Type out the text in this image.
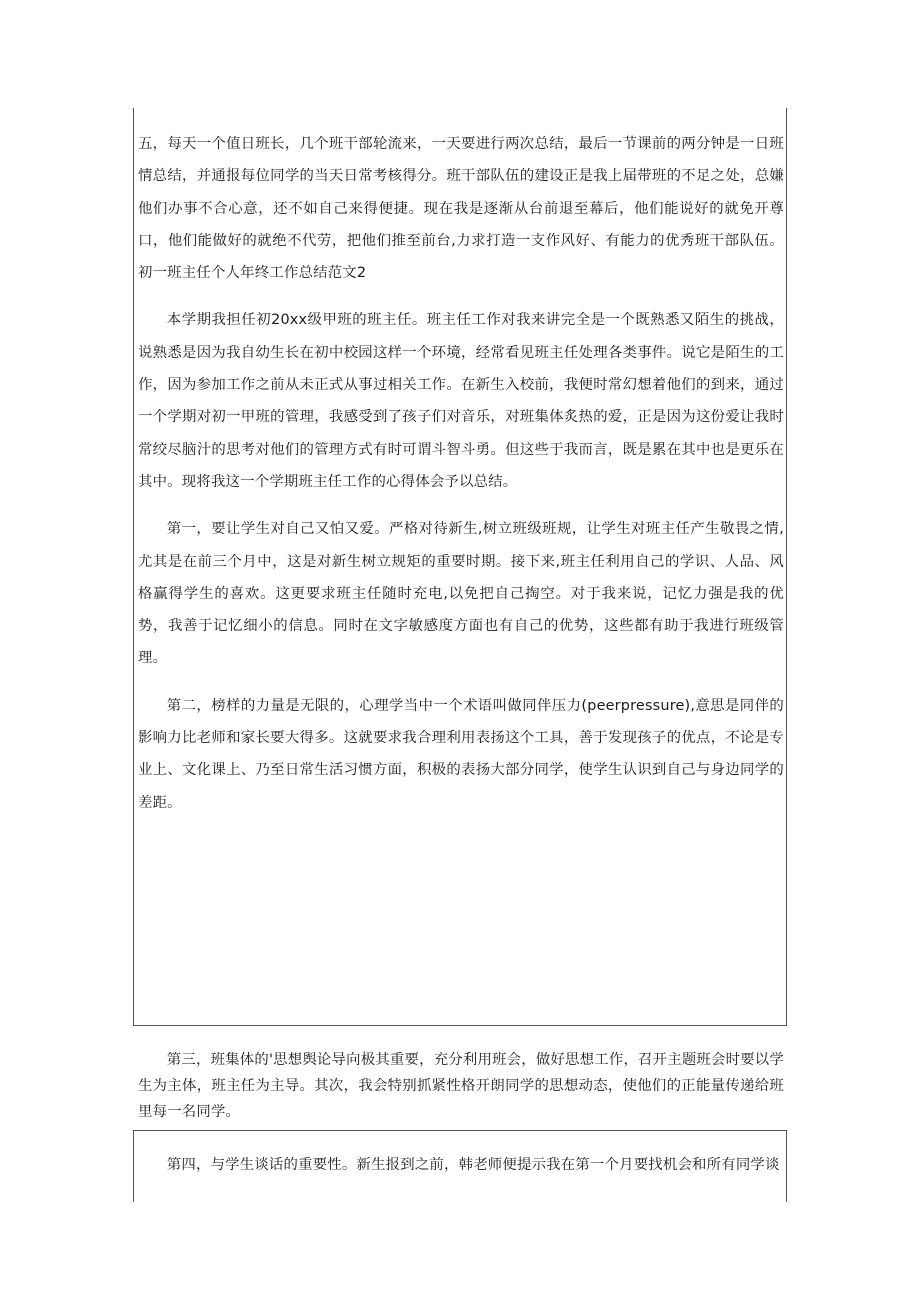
五，每天一个值日班长，几个班干部轮流来，一天要进行两次总结，最后一节课前的两分钟是一日班情总结，并通报每位同学的当天日常考核得分。班干部队伍的建设正是我上届带班的不足之处，总嫌他们办事不合心意，还不如自己来得便捷。现在我是逐渐从台前退至幕后，他们能说好的就免开尊口，他们能做好的就绝不代劳，把他们推至前台,力求打造一支作风好、有能力的优秀班干部队伍。初一班主任个人年终工作总结范文2

本学期我担任初20xx级甲班的班主任。班主任工作对我来讲完全是一个既熟悉又陌生的挑战，说熟悉是因为我自幼生长在初中校园这样一个环境，经常看见班主任处理各类事件。说它是陌生的工作，因为参加工作之前从未正式从事过相关工作。在新生入校前，我便时常幻想着他们的到来，通过一个学期对初一甲班的管理，我感受到了孩子们对音乐，对班集体炙热的爱，正是因为这份爱让我时常绞尽脑汁的思考对他们的管理方式有时可谓斗智斗勇。但这些于我而言，既是累在其中也是更乐在其中。现将我这一个学期班主任工作的心得体会予以总结。

第一，要让学生对自己又怕又爱。严格对待新生,树立班级班规，让学生对班主任产生敬畏之情,尤其是在前三个月中，这是对新生树立规矩的重要时期。接下来,班主任利用自己的学识、人品、风格赢得学生的喜欢。这更要求班主任随时充电,以免把自己掏空。对于我来说，记忆力强是我的优势，我善于记忆细小的信息。同时在文字敏感度方面也有自己的优势，这些都有助于我进行班级管理。

第二，榜样的力量是无限的，心理学当中一个术语叫做同伴压力(peerpressure),意思是同伴的影响力比老师和家长要大得多。这就要求我合理利用表扬这个工具，善于发现孩子的优点，不论是专业上、文化课上、乃至日常生活习惯方面，积极的表扬大部分同学，使学生认识到自己与身边同学的差距。

第三，班集体的'思想舆论导向极其重要，充分利用班会，做好思想工作，召开主题班会时要以学生为主体，班主任为主导。其次，我会特别抓紧性格开朗同学的思想动态，使他们的正能量传递给班里每一名同学。

第四，与学生谈话的重要性。新生报到之前，韩老师便提示我在第一个月要找机会和所有同学谈
